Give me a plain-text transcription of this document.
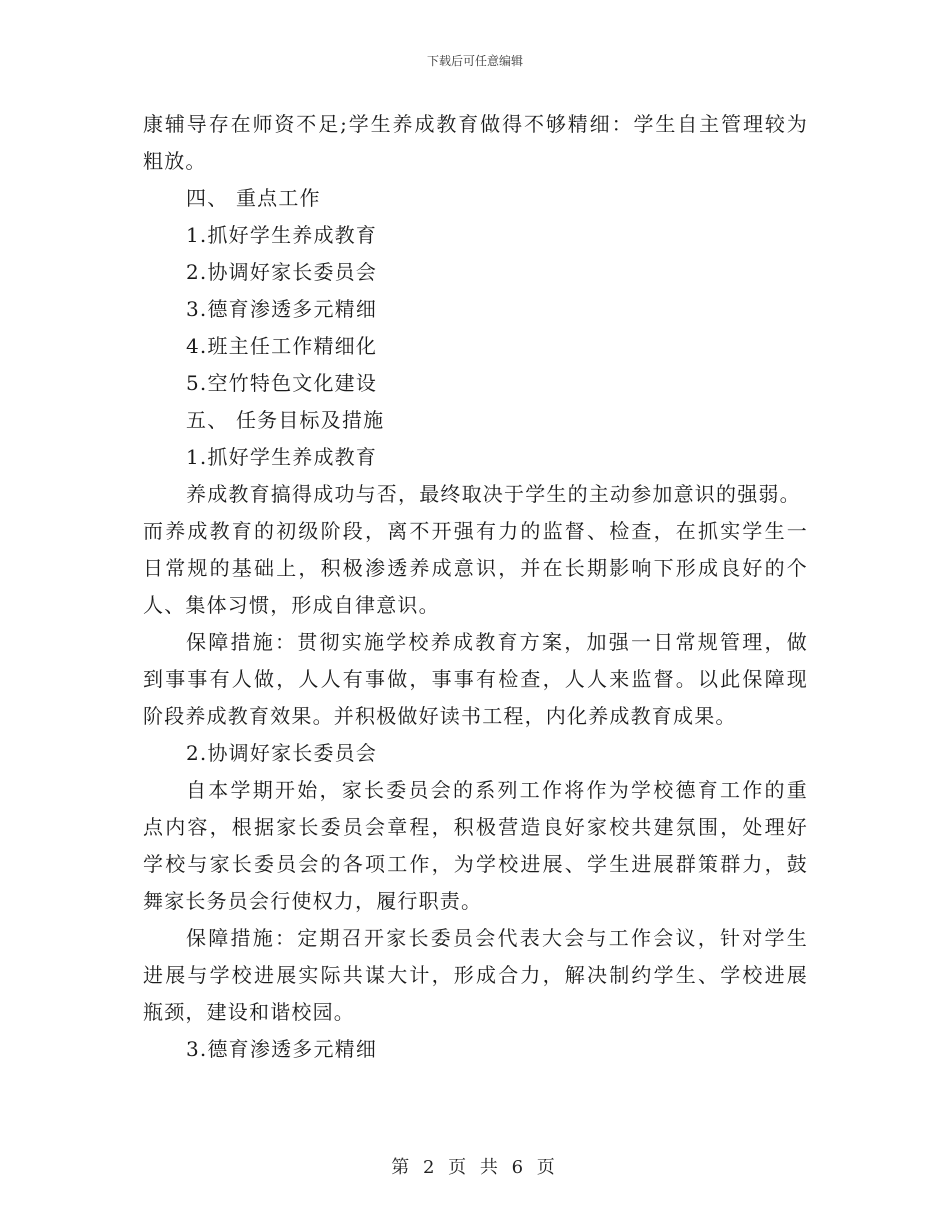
下载后可任意编辑
康辅导存在师资不足;学生养成教育做得不够精细：学生自主管理较为
粗放。
四、 重点工作
1.抓好学生养成教育
2.协调好家长委员会
3.德育渗透多元精细
4.班主任工作精细化
5.空竹特色文化建设
五、 任务目标及措施
1.抓好学生养成教育
养成教育搞得成功与否，最终取决于学生的主动参加意识的强弱。
而养成教育的初级阶段，离不开强有力的监督、检查，在抓实学生一
日常规的基础上，积极渗透养成意识，并在长期影响下形成良好的个
人、集体习惯，形成自律意识。
保障措施：贯彻实施学校养成教育方案，加强一日常规管理，做
到事事有人做，人人有事做，事事有检查，人人来监督。以此保障现
阶段养成教育效果。并积极做好读书工程，内化养成教育成果。
2.协调好家长委员会
自本学期开始，家长委员会的系列工作将作为学校德育工作的重
点内容，根据家长委员会章程，积极营造良好家校共建氛围，处理好
学校与家长委员会的各项工作，为学校进展、学生进展群策群力，鼓
舞家长务员会行使权力，履行职责。
保障措施：定期召开家长委员会代表大会与工作会议，针对学生
进展与学校进展实际共谋大计，形成合力，解决制约学生、学校进展
瓶颈，建设和谐校园。
3.德育渗透多元精细
第 2 页 共 6 页
